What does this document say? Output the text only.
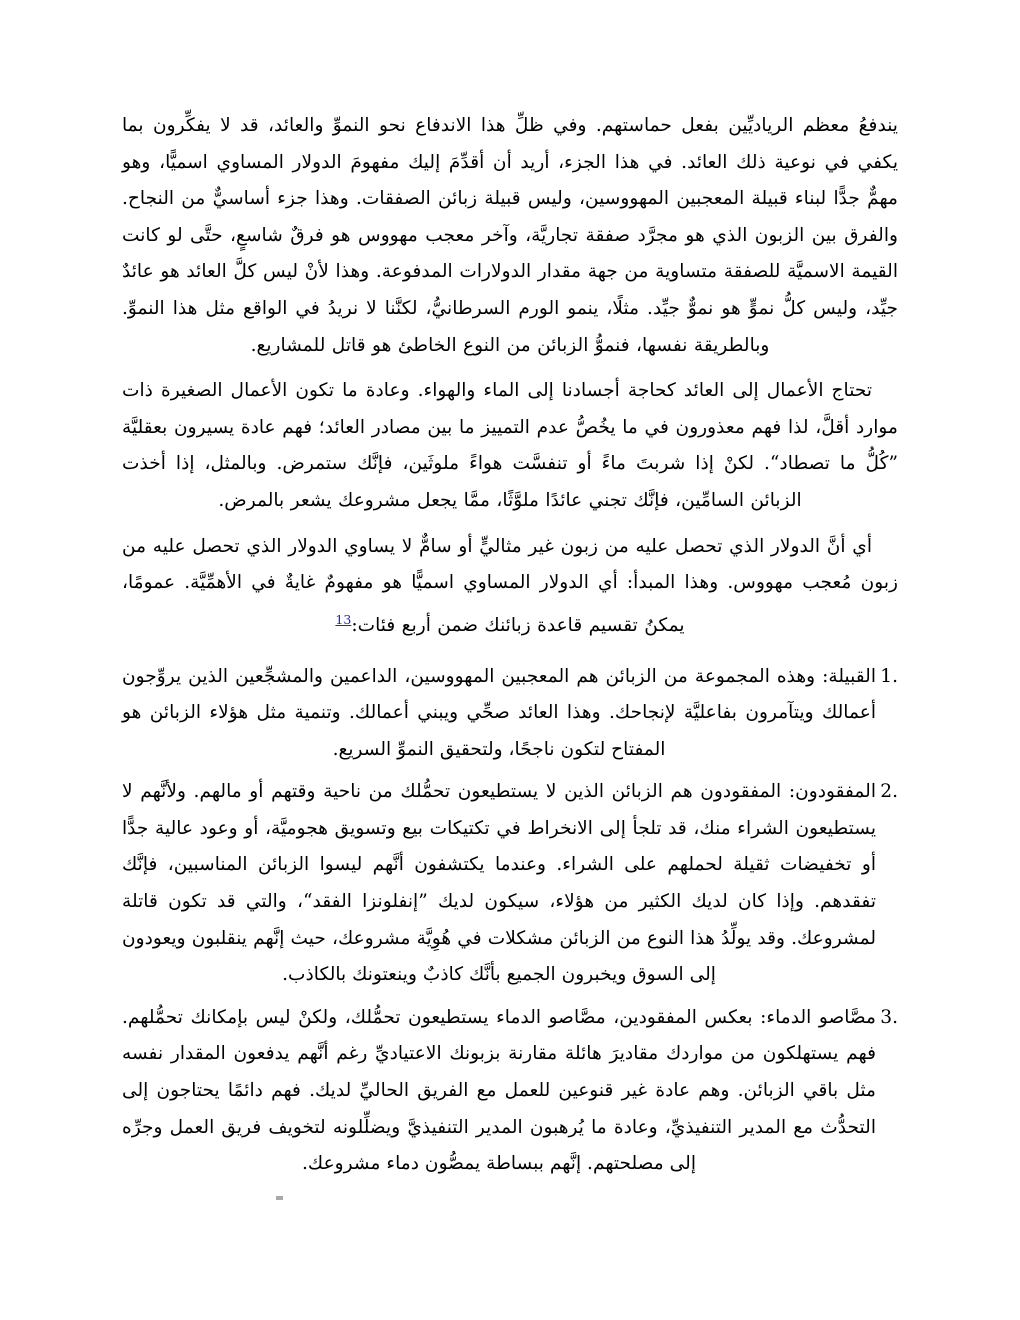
يندفعُ معظم الرياديِّين بفعل حماستهم. وفي ظلِّ هذا الاندفاع نحو النموِّ والعائد، قد لا يفكِّرون بما يكفي في نوعية ذلك العائد. في هذا الجزء، أريد أن أقدِّمَ إليك مفهومَ الدولار المساوي اسميًّا، وهو مهمٌّ جدًّا لبناء قبيلة المعجبين المهووسين، وليس قبيلة زبائن الصفقات. وهذا جزء أساسيٌّ من النجاح. والفرق بين الزبون الذي هو مجرَّد صفقة تجاريَّة، وآخر معجب مهووس هو فرقٌ شاسعٍ، حتَّى لو كانت القيمة الاسميَّة للصفقة متساوية من جهة مقدار الدولارات المدفوعة. وهذا لأنْ ليس كلَّ العائد هو عائدٌ جيِّد، وليس كلُّ نموٍّ هو نموٌّ جيِّد. مثلًا، ينمو الورم السرطانيُّ، لكنَّنا لا نريدُ في الواقع مثل هذا النموِّ. وبالطريقة نفسها، فنموُّ الزبائن من النوع الخاطئ هو قاتل للمشاريع.

تحتاج الأعمال إلى العائد كحاجة أجسادنا إلى الماء والهواء. وعادة ما تكون الأعمال الصغيرة ذات موارد أقلَّ، لذا فهم معذورون في ما يخُصُّ عدم التمييز ما بين مصادر العائد؛ فهم عادة يسيرون بعقليَّة ”كُلُّ ما تصطاد“. لكنْ إذا شربتَ ماءً أو تنفسَّت هواءً ملوثَين، فإنَّك ستمرض. وبالمثل، إذا أخذت الزبائن السامِّين، فإنَّك تجني عائدًا ملوَّثًا، ممَّا يجعل مشروعك يشعر بالمرض.

أي أنَّ الدولار الذي تحصل عليه من زبون غير مثاليٍّ أو سامٌّ لا يساوي الدولار الذي تحصل عليه من زبون مُعجب مهووس. وهذا المبدأ: أي الدولار المساوي اسميًّا هو مفهومٌ غايةٌ في الأهمِّيَّة. عمومًا، يمكنُ تقسيم قاعدة زبائنك ضمن أربع فئات:$^{13}$

1.
القبيلة: وهذه المجموعة من الزبائن هم المعجبين المهووسين، الداعمين والمشجِّعين الذين يروِّجون أعمالك ويتآمرون بفاعليَّة لإنجاحك. وهذا العائد صحِّي ويبني أعمالك. وتنمية مثل هؤلاء الزبائن هو المفتاح لتكون ناجحًا، ولتحقيق النموِّ السريع.
2.
المفقودون: المفقودون هم الزبائن الذين لا يستطيعون تحمُّلك من ناحية وقتهم أو مالهم. ولأنَّهم لا يستطيعون الشراء منك، قد تلجأ إلى الانخراط في تكتيكات بيع وتسويق هجوميَّة، أو وعود عالية جدًّا أو تخفيضات ثقيلة لحملهم على الشراء. وعندما يكتشفون أنَّهم ليسوا الزبائن المناسبين، فإنَّك تفقدهم. وإذا كان لديك الكثير من هؤلاء، سيكون لديك ”إنفلونزا الفقد“، والتي قد تكون قاتلة لمشروعك. وقد يولِّدُ هذا النوع من الزبائن مشكلات في هُوِيَّة مشروعك، حيث إنَّهم ينقلبون ويعودون إلى السوق ويخبرون الجميع بأنَّك كاذبٌ وينعتونك بالكاذب.
3.
مصَّاصو الدماء: بعكس المفقودين، مصَّاصو الدماء يستطيعون تحمُّلك، ولكنْ ليس بإمكانك تحمُّلهم. فهم يستهلكون من مواردك مقاديرَ هائلة مقارنة بزبونك الاعتياديِّ رغم أنَّهم يدفعون المقدار نفسه مثل باقي الزبائن. وهم عادة غير قنوعين للعمل مع الفريق الحاليِّ لديك. فهم دائمًا يحتاجون إلى التحدُّث مع المدير التنفيذيِّ، وعادة ما يُرهبون المدير التنفيذيَّ ويضلِّلونه لتخويف فريق العمل وجرِّه إلى مصلحتهم. إنَّهم ببساطة يمصُّون دماء مشروعك.
